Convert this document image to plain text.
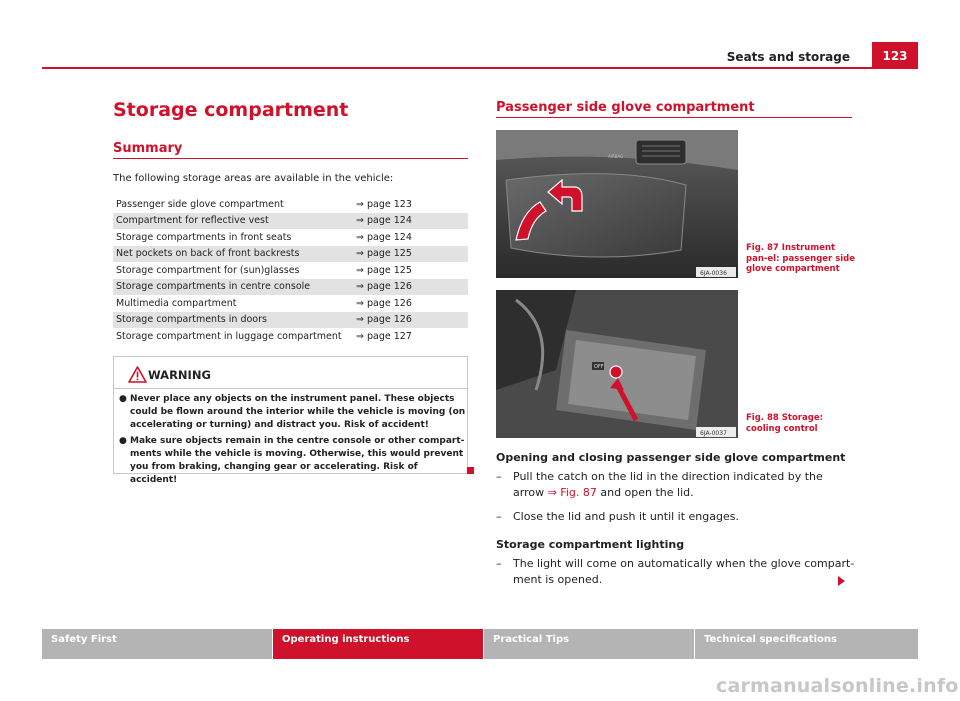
Seats and storage	123
Storage compartment
Summary
The following storage areas are available in the vehicle:
Passenger side glove compartment	⇒ page 123
Compartment for reflective vest	⇒ page 124
Storage compartments in front seats	⇒ page 124
Net pockets on back of front backrests	⇒ page 125
Storage compartment for (sun)glasses	⇒ page 125
Storage compartments in centre console	⇒ page 126
Multimedia compartment	⇒ page 126
Storage compartments in doors	⇒ page 126
Storage compartment in luggage compartment	⇒ page 127
WARNING
● Never place any objects on the instrument panel. These objects could be flown around the interior while the vehicle is moving (on accelerating or turning) and distract you. Risk of accident!
● Make sure objects remain in the centre console or other compart-ments while the vehicle is moving. Otherwise, this would prevent you from braking, changing gear or accelerating. Risk of accident!
Passenger side glove compartment
AIRBAG
6JA-0036
Fig. 87 Instrument pan-el: passenger side glove compartment
OFF
6JA-0037
Fig. 88 Storage: cooling control
Opening and closing passenger side glove compartment
– Pull the catch on the lid in the direction indicated by the arrow ⇒ Fig. 87 and open the lid.
– Close the lid and push it until it engages.
Storage compartment lighting
– The light will come on automatically when the glove compart-ment is opened.
Safety First	Operating instructions	Practical Tips	Technical specifications
carmanualsonline.info
